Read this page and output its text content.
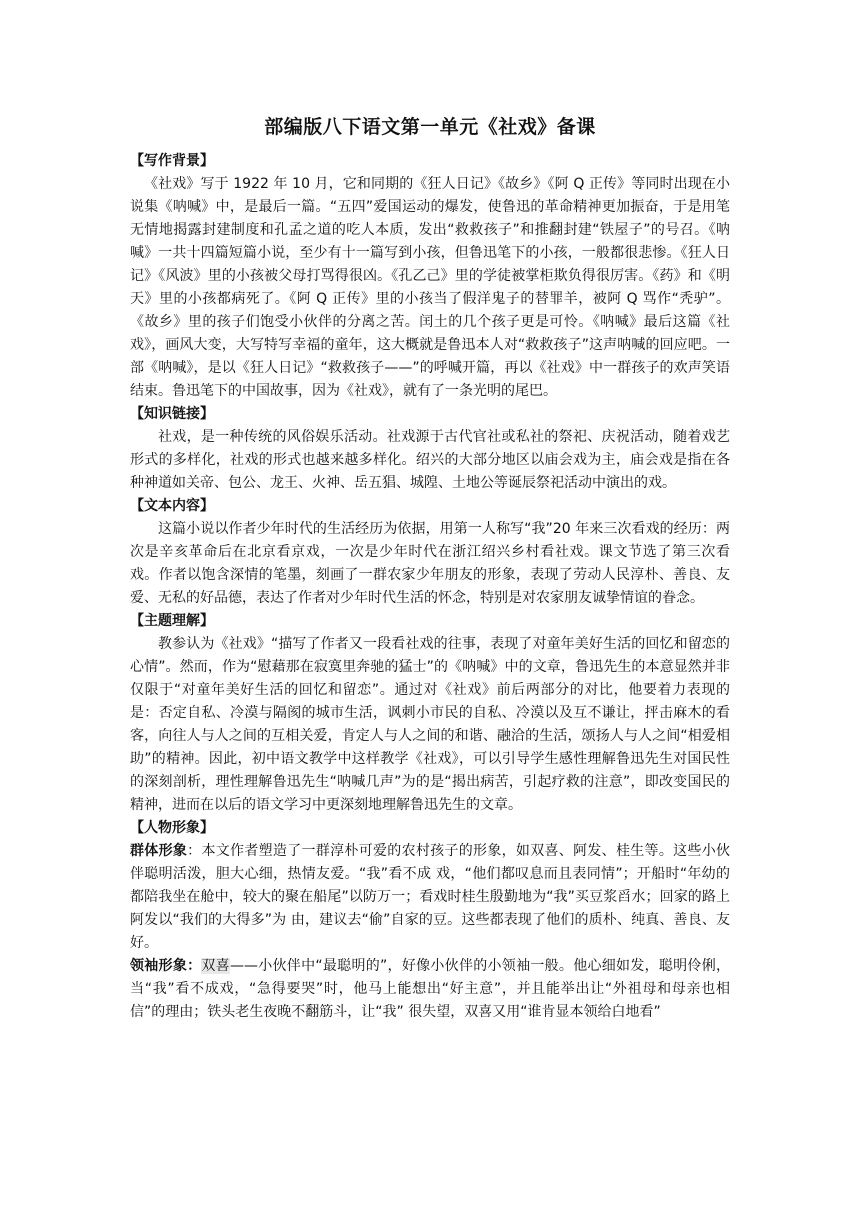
部编版八下语文第一单元《社戏》备课

【写作背景】

《社戏》写于 1922 年 10 月，它和同期的《狂人日记》《故乡》《阿 Q 正传》等同时出现在小说集《呐喊》中，是最后一篇。“五四”爱国运动的爆发，使鲁迅的革命精神更加振奋，于是用笔无情地揭露封建制度和孔孟之道的吃人本质，发出“救救孩子”和推翻封建“铁屋子”的号召。《呐喊》一共十四篇短篇小说，至少有十一篇写到小孩，但鲁迅笔下的小孩，一般都很悲惨。《狂人日记》《风波》里的小孩被父母打骂得很凶。《孔乙己》里的学徒被掌柜欺负得很厉害。《药》和《明天》里的小孩都病死了。《阿 Q 正传》里的小孩当了假洋鬼子的替罪羊，被阿 Q 骂作“秃驴”。《故乡》里的孩子们饱受小伙伴的分离之苦。闰土的几个孩子更是可怜。《呐喊》最后这篇《社戏》，画风大变，大写特写幸福的童年，这大概就是鲁迅本人对“救救孩子”这声呐喊的回应吧。一部《呐喊》，是以《狂人日记》“救救孩子——”的呼喊开篇，再以《社戏》中一群孩子的欢声笑语结束。鲁迅笔下的中国故事，因为《社戏》，就有了一条光明的尾巴。

【知识链接】

社戏，是一种传统的风俗娱乐活动。社戏源于古代官社或私社的祭祀、庆祝活动，随着戏艺形式的多样化，社戏的形式也越来越多样化。绍兴的大部分地区以庙会戏为主，庙会戏是指在各种神道如关帝、包公、龙王、火神、岳五猖、城隍、土地公等诞辰祭祀活动中演出的戏。

【文本内容】

这篇小说以作者少年时代的生活经历为依据，用第一人称写“我”20 年来三次看戏的经历：两次是辛亥革命后在北京看京戏，一次是少年时代在浙江绍兴乡村看社戏。课文节选了第三次看戏。作者以饱含深情的笔墨，刻画了一群农家少年朋友的形象，表现了劳动人民淳朴、善良、友爱、无私的好品德，表达了作者对少年时代生活的怀念，特别是对农家朋友诚挚情谊的眷念。

【主题理解】

教参认为《社戏》“描写了作者又一段看社戏的往事，表现了对童年美好生活的回忆和留恋的心情”。然而，作为“慰藉那在寂寞里奔驰的猛士”的《呐喊》中的文章，鲁迅先生的本意显然并非仅限于“对童年美好生活的回忆和留恋”。通过对《社戏》前后两部分的对比，他要着力表现的是：否定自私、冷漠与隔阂的城市生活，讽刺小市民的自私、冷漠以及互不谦让，抨击麻木的看客，向往人与人之间的互相关爱，肯定人与人之间的和谐、融洽的生活，颂扬人与人之间“相爱相助”的精神。因此，初中语文教学中这样教学《社戏》，可以引导学生感性理解鲁迅先生对国民性的深刻剖析，理性理解鲁迅先生“呐喊几声”为的是“揭出病苦，引起疗救的注意”，即改变国民的精神，进而在以后的语文学习中更深刻地理解鲁迅先生的文章。

【人物形象】

群体形象：本文作者塑造了一群淳朴可爱的农村孩子的形象，如双喜、阿发、桂生等。这些小伙伴聪明活泼，胆大心细，热情友爱。“我”看不成 戏，“他们都叹息而且表同情”；开船时“年幼的都陪我坐在舱中，较大的聚在船尾”以防万一；看戏时桂生殷勤地为“我”买豆浆舀水；回家的路上阿发以“我们的大得多”为 由，建议去“偷”自家的豆。这些都表现了他们的质朴、纯真、善良、友好。

领袖形象：双喜——小伙伴中“最聪明的”，好像小伙伴的小领袖一般。他心细如发，聪明伶俐，当“我”看不成戏，“急得要哭”时，他马上能想出“好主意”，并且能举出让“外祖母和母亲也相信”的理由；铁头老生夜晚不翻筋斗，让“我” 很失望，双喜又用“谁肯显本领给白地看”
